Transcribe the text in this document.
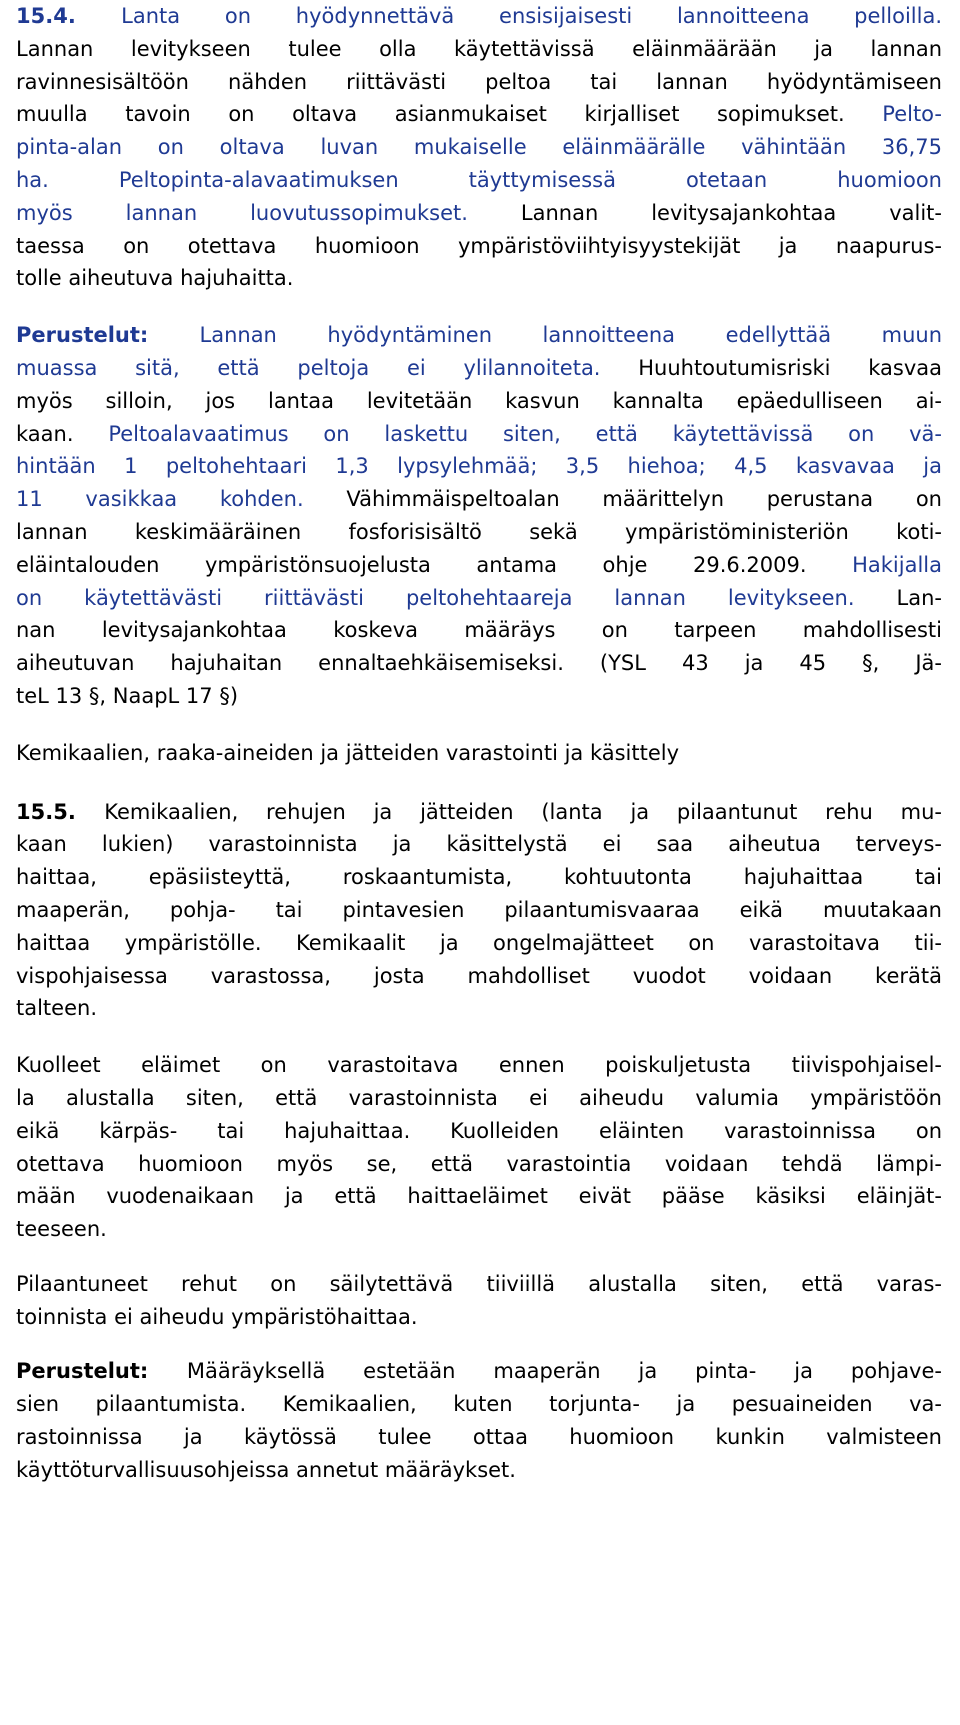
15.4. Lanta on hyödynnettävä ensisijaisesti lannoitteena pelloilla.
Lannan levitykseen tulee olla käytettävissä eläinmäärään ja lannan
ravinnesisältöön nähden riittävästi peltoa tai lannan hyödyntämiseen
muulla tavoin on oltava asianmukaiset kirjalliset sopimukset. Pelto-
pinta-alan on oltava luvan mukaiselle eläinmäärälle vähintään 36,75
ha. Peltopinta-alavaatimuksen täyttymisessä otetaan huomioon
myös lannan luovutussopimukset. Lannan levitysajankohtaa valit-
taessa on otettava huomioon ympäristöviihtyisyystekijät ja naapurus-
tolle aiheutuva hajuhaitta.
Perustelut: Lannan hyödyntäminen lannoitteena edellyttää muun
muassa sitä, että peltoja ei ylilannoiteta. Huuhtoutumisriski kasvaa
myös silloin, jos lantaa levitetään kasvun kannalta epäedulliseen ai-
kaan. Peltoalavaatimus on laskettu siten, että käytettävissä on vä-
hintään 1 peltohehtaari 1,3 lypsylehmää; 3,5 hiehoa; 4,5 kasvavaa ja
11 vasikkaa kohden. Vähimmäispeltoalan määrittelyn perustana on
lannan keskimääräinen fosforisisältö sekä ympäristöministeriön koti-
eläintalouden ympäristönsuojelusta antama ohje 29.6.2009. Hakijalla
on käytettävästi riittävästi peltohehtaareja lannan levitykseen. Lan-
nan levitysajankohtaa koskeva määräys on tarpeen mahdollisesti
aiheutuvan hajuhaitan ennaltaehkäisemiseksi. (YSL 43 ja 45 §, Jä-
teL 13 §, NaapL 17 §)
Kemikaalien, raaka-aineiden ja jätteiden varastointi ja käsittely
15.5. Kemikaalien, rehujen ja jätteiden (lanta ja pilaantunut rehu mu-
kaan lukien) varastoinnista ja käsittelystä ei saa aiheutua terveys-
haittaa, epäsiisteyttä, roskaantumista, kohtuutonta hajuhaittaa tai
maaperän, pohja- tai pintavesien pilaantumisvaaraa eikä muutakaan
haittaa ympäristölle. Kemikaalit ja ongelmajätteet on varastoitava tii-
vispohjaisessa varastossa, josta mahdolliset vuodot voidaan kerätä
talteen.
Kuolleet eläimet on varastoitava ennen poiskuljetusta tiivispohjaisel-
la alustalla siten, että varastoinnista ei aiheudu valumia ympäristöön
eikä kärpäs- tai hajuhaittaa. Kuolleiden eläinten varastoinnissa on
otettava huomioon myös se, että varastointia voidaan tehdä lämpi-
mään vuodenaikaan ja että haittaeläimet eivät pääse käsiksi eläinjät-
teeseen.
Pilaantuneet rehut on säilytettävä tiiviillä alustalla siten, että varas-
toinnista ei aiheudu ympäristöhaittaa.
Perustelut: Määräyksellä estetään maaperän ja pinta- ja pohjave-
sien pilaantumista. Kemikaalien, kuten torjunta- ja pesuaineiden va-
rastoinnissa ja käytössä tulee ottaa huomioon kunkin valmisteen
käyttöturvallisuusohjeissa annetut määräykset.
